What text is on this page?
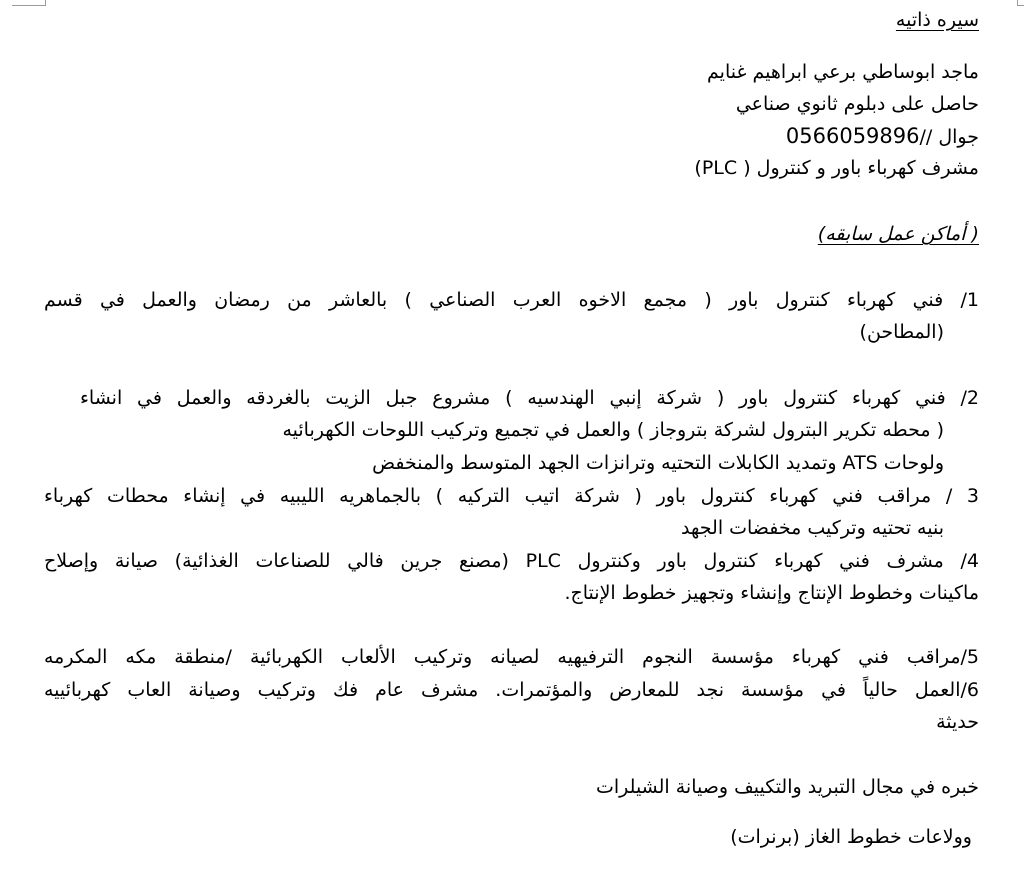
سيره ذاتيه

ماجد ابوساطي برعي ابراهيم غنايم

حاصل على دبلوم ثانوي صناعي

جوال //0566059896

مشرف كهرباء باور و كنترول ( PLC)

( أماكن عمل سابقه)

1/ فني كهرباء كنترول باور ( مجمع الاخوه العرب الصناعي ) بالعاشر من رمضان والعمل في قسم

(المطاحن)

2/ فني كهرباء كنترول باور ( شركة إنبي الهندسيه ) مشروع جبل الزيت بالغردقه والعمل في انشاء

( محطه تكرير البترول لشركة بتروجاز ) والعمل في تجميع وتركيب اللوحات الكهربائيه

ولوحات ATS وتمديد الكابلات التحتيه وترانزات الجهد المتوسط والمنخفض

3 / مراقب فني كهرباء كنترول باور ( شركة اتيب التركيه ) بالجماهريه الليبيه في إنشاء محطات كهرباء

بنيه تحتيه وتركيب مخفضات الجهد

4/ مشرف فني كهرباء كنترول باور وكنترول PLC (مصنع جرين فالي للصناعات الغذائية) صيانة وإصلاح

ماكينات وخطوط الإنتاج وإنشاء وتجهيز خطوط الإنتاج.

5/مراقب فني كهرباء مؤسسة النجوم الترفيهيه لصيانه وتركيب الألعاب الكهربائية /منطقة مكه المكرمه

6/العمل حالياً في مؤسسة نجد للمعارض والمؤتمرات. مشرف عام فك وتركيب وصيانة العاب كهربائييه

حديثة

خبره في مجال التبريد والتكييف وصيانة الشيلرات

وولاعات خطوط الغاز (برنرات)
